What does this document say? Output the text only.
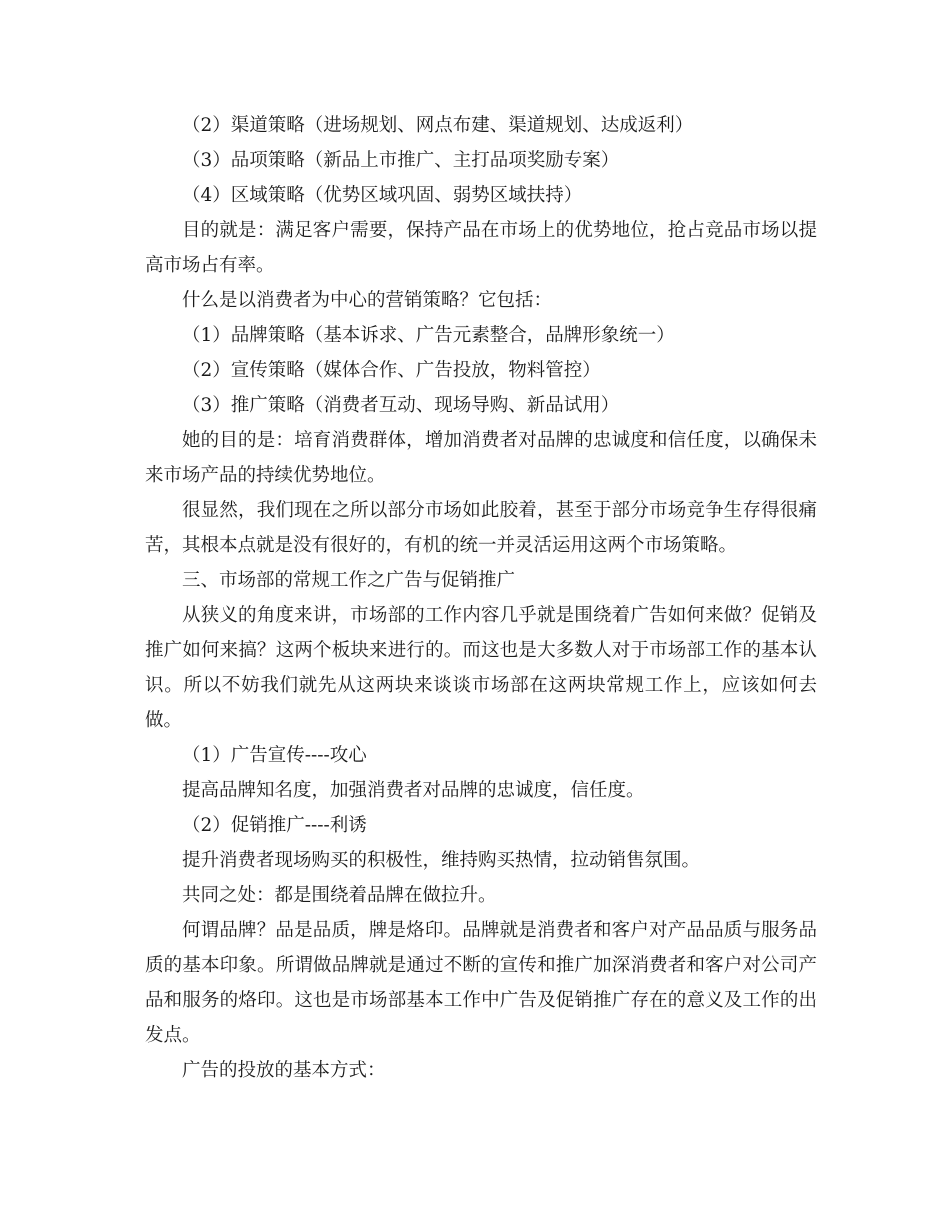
（2）渠道策略（进场规划、网点布建、渠道规划、达成返利）

（3）品项策略（新品上市推广、主打品项奖励专案）

（4）区域策略（优势区域巩固、弱势区域扶持）

目的就是：满足客户需要，保持产品在市场上的优势地位，抢占竞品市场以提高市场占有率。

什么是以消费者为中心的营销策略？它包括：

（1）品牌策略（基本诉求、广告元素整合，品牌形象统一）

（2）宣传策略（媒体合作、广告投放，物料管控）

（3）推广策略（消费者互动、现场导购、新品试用）

她的目的是：培育消费群体，增加消费者对品牌的忠诚度和信任度，以确保未来市场产品的持续优势地位。

很显然，我们现在之所以部分市场如此胶着，甚至于部分市场竞争生存得很痛苦，其根本点就是没有很好的，有机的统一并灵活运用这两个市场策略。

三、市场部的常规工作之广告与促销推广

从狭义的角度来讲，市场部的工作内容几乎就是围绕着广告如何来做？促销及推广如何来搞？这两个板块来进行的。而这也是大多数人对于市场部工作的基本认识。所以不妨我们就先从这两块来谈谈市场部在这两块常规工作上，应该如何去做。

（1）广告宣传----攻心

提高品牌知名度，加强消费者对品牌的忠诚度，信任度。

（2）促销推广----利诱

提升消费者现场购买的积极性，维持购买热情，拉动销售氛围。

共同之处：都是围绕着品牌在做拉升。

何谓品牌？品是品质，牌是烙印。品牌就是消费者和客户对产品品质与服务品质的基本印象。所谓做品牌就是通过不断的宣传和推广加深消费者和客户对公司产品和服务的烙印。这也是市场部基本工作中广告及促销推广存在的意义及工作的出发点。

广告的投放的基本方式：
